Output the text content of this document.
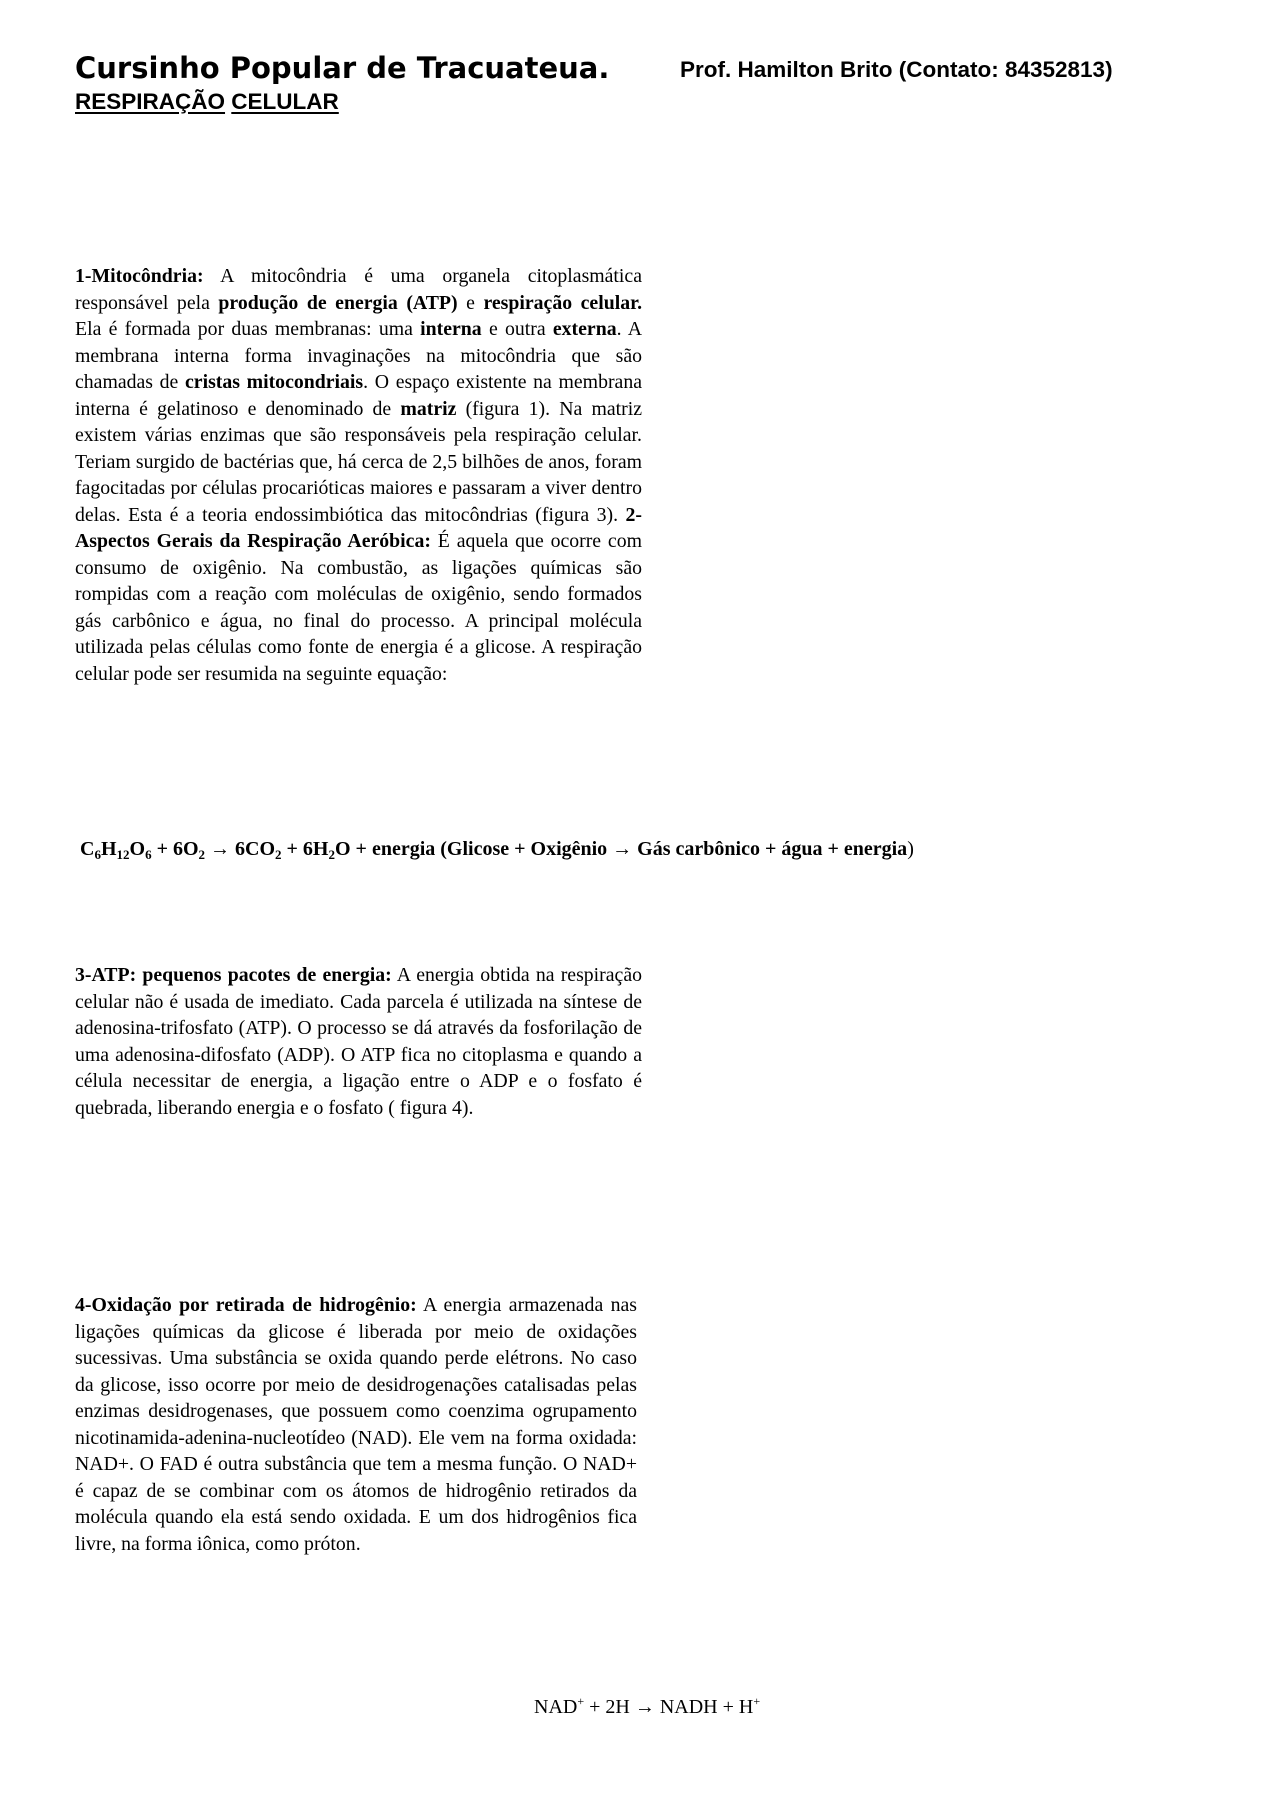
Cursinho Popular de Tracuateua.	Prof. Hamilton Brito (Contato: 84352813)
RESPIRAÇÃO CELULAR

1-Mitocôndria: A mitocôndria é uma organela citoplasmática responsável pela produção de energia (ATP) e respiração celular. Ela é formada por duas membranas: uma interna e outra externa. A membrana interna forma invaginações na mitocôndria que são chamadas de cristas mitocondriais. O espaço existente na membrana interna é gelatinoso e denominado de matriz (figura 1). Na matriz existem várias enzimas que são responsáveis pela respiração celular. Teriam surgido de bactérias que, há cerca de 2,5 bilhões de anos, foram fagocitadas por células procarióticas maiores e passaram a viver dentro delas. Esta é a teoria endossimbiótica das mitocôndrias (figura 3). 2-Aspectos Gerais da Respiração Aeróbica: É aquela que ocorre com consumo de oxigênio. Na combustão, as ligações químicas são rompidas com a reação com moléculas de oxigênio, sendo formados gás carbônico e água, no final do processo. A principal molécula utilizada pelas células como fonte de energia é a glicose. A respiração celular pode ser resumida na seguinte equação:

$C_6H_{12}O_6 + 6O_2 \to 6CO_2 + 6H_2O$ + energia (Glicose + Oxigênio → Gás carbônico + água + energia)

3-ATP: pequenos pacotes de energia: A energia obtida na respiração celular não é usada de imediato. Cada parcela é utilizada na síntese de adenosina-trifosfato (ATP). O processo se dá através da fosforilação de uma adenosina-difosfato (ADP). O ATP fica no citoplasma e quando a célula necessitar de energia, a ligação entre o ADP e o fosfato é quebrada, liberando energia e o fosfato ( figura 4).

4-Oxidação por retirada de hidrogênio: A energia armazenada nas ligações químicas da glicose é liberada por meio de oxidações sucessivas. Uma substância se oxida quando perde elétrons. No caso da glicose, isso ocorre por meio de desidrogenações catalisadas pelas enzimas desidrogenases, que possuem como coenzima ogrupamento nicotinamida-adenina-nucleotídeo (NAD). Ele vem na forma oxidada: NAD+. O FAD é outra substância que tem a mesma função. O NAD+ é capaz de se combinar com os átomos de hidrogênio retirados da molécula quando ela está sendo oxidada. E um dos hidrogênios fica livre, na forma iônica, como próton.

NAD+ + 2H → NADH + H+
